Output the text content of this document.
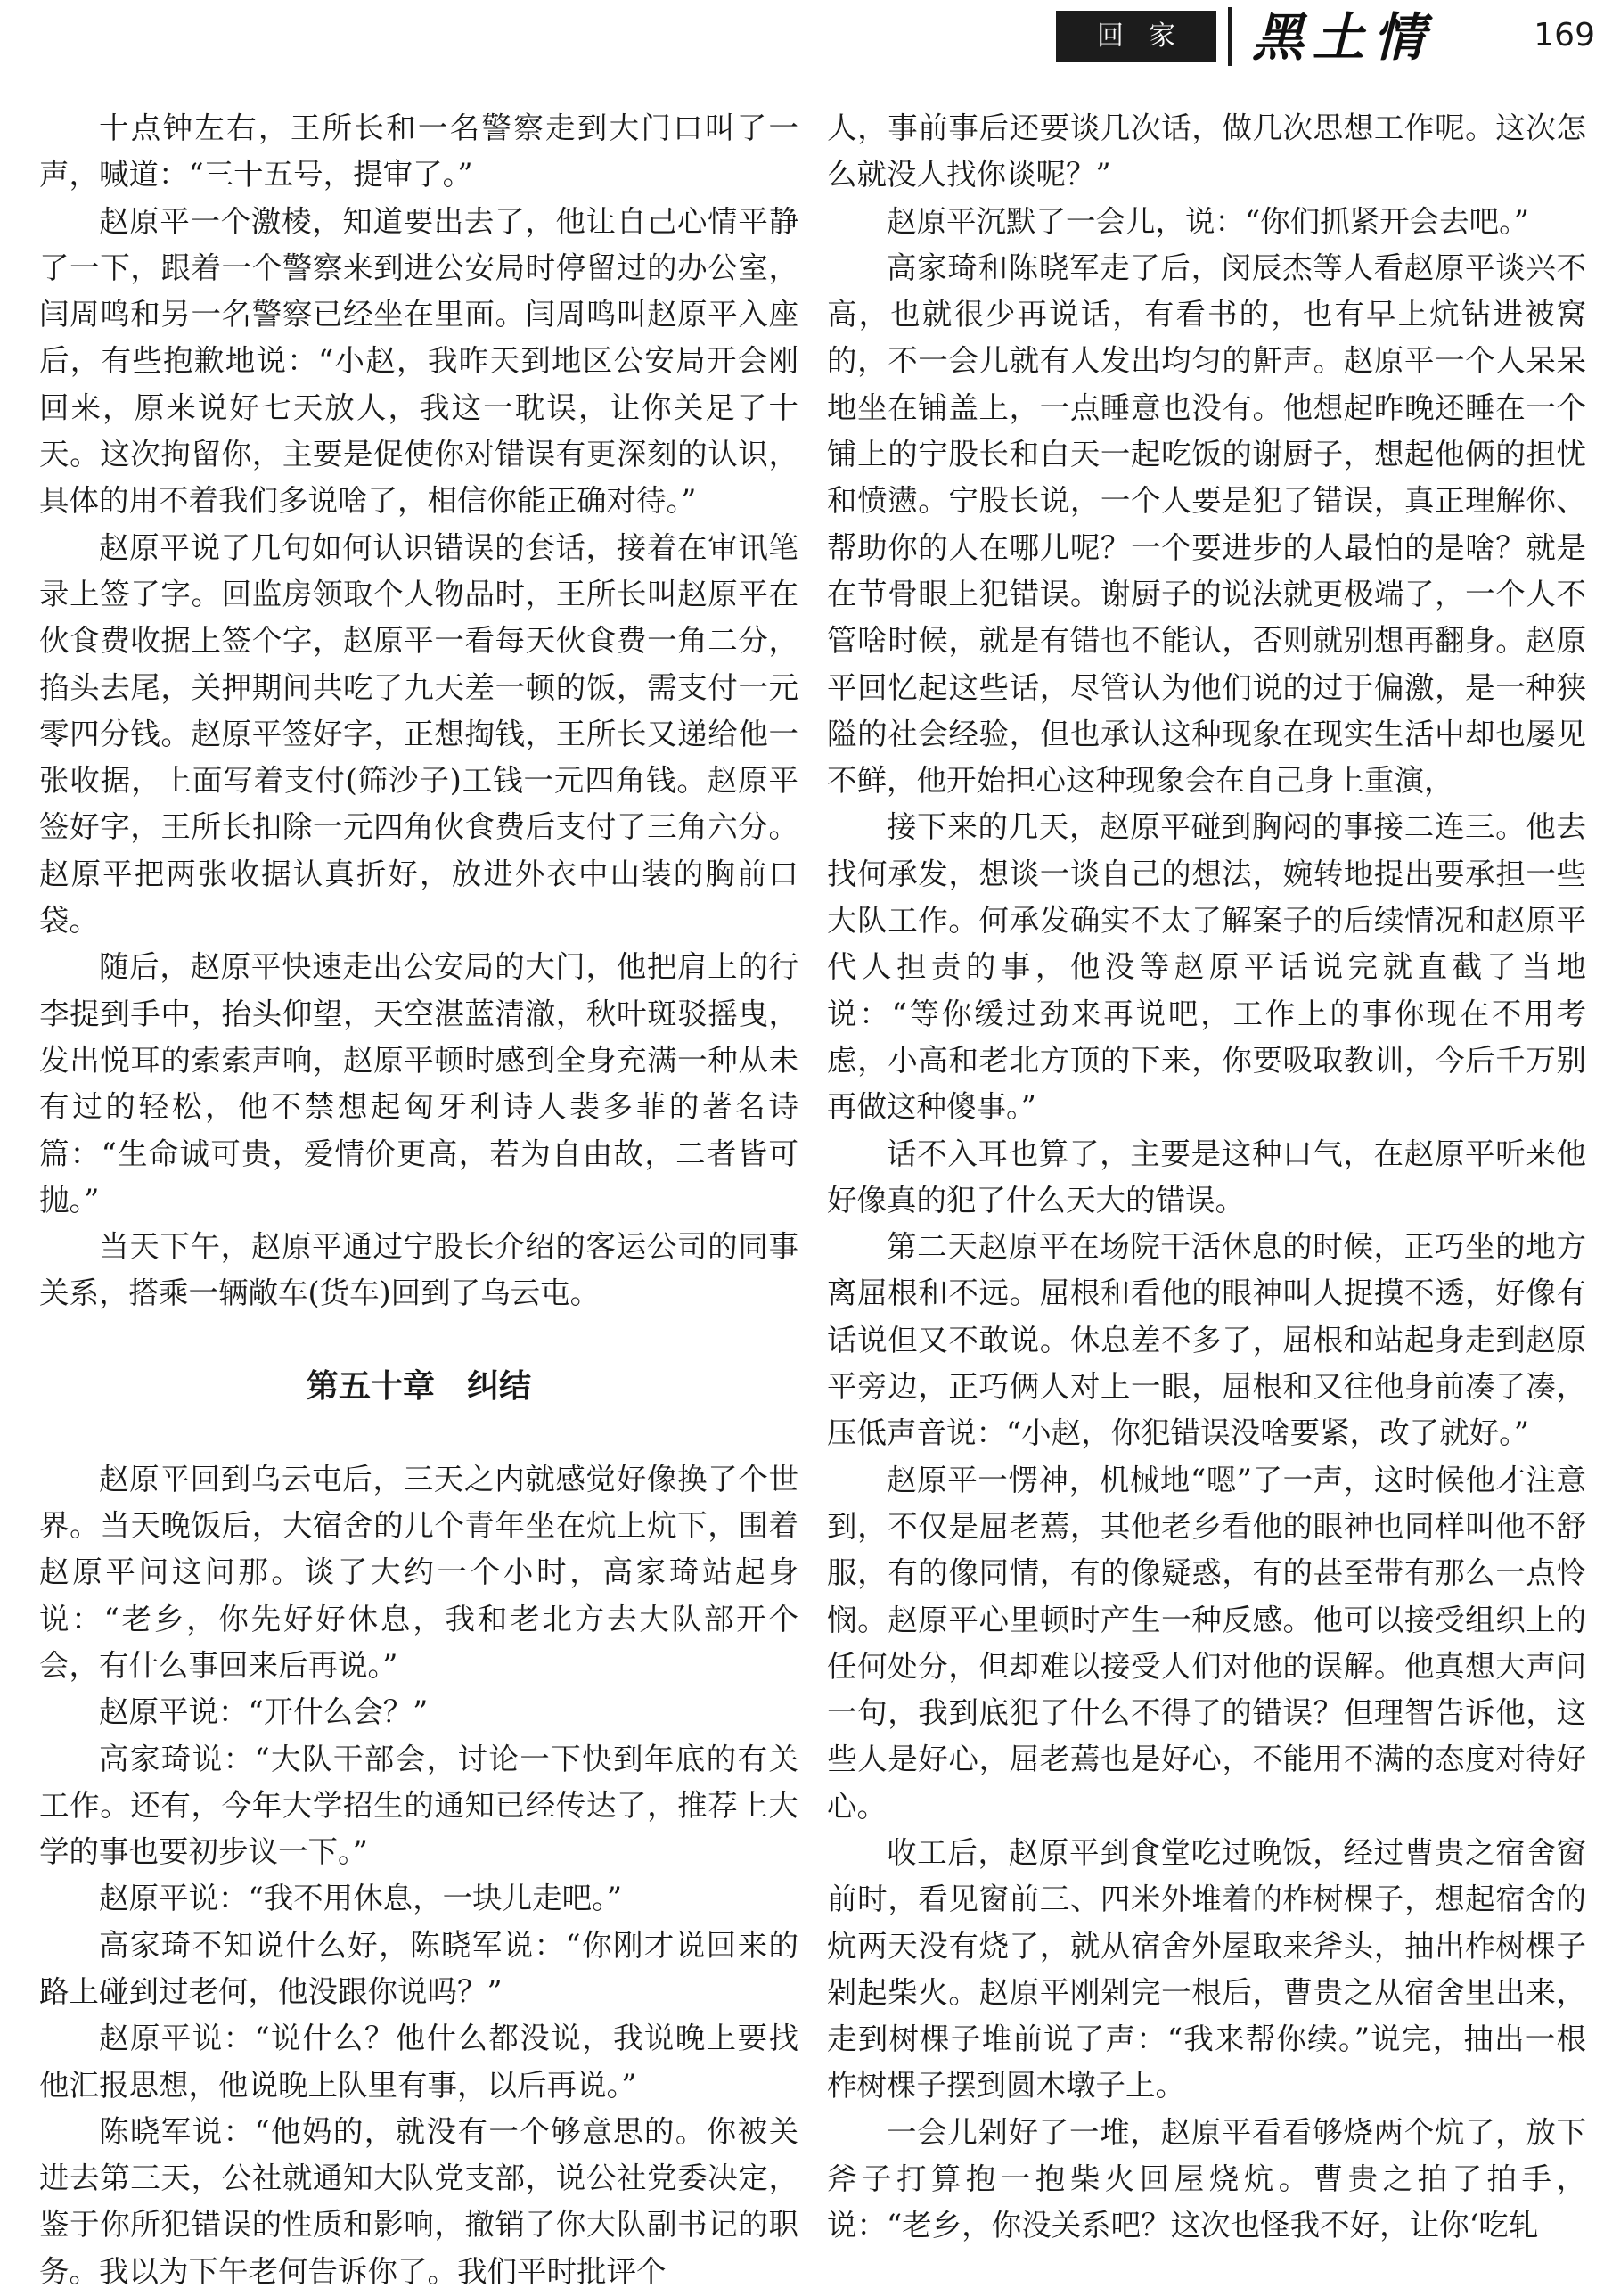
回家	黑土情	169

十点钟左右，王所长和一名警察走到大门口叫了一声，喊道：“三十五号，提审了。”

赵原平一个激棱，知道要出去了，他让自己心情平静了一下，跟着一个警察来到进公安局时停留过的办公室，闫周鸣和另一名警察已经坐在里面。闫周鸣叫赵原平入座后，有些抱歉地说：“小赵，我昨天到地区公安局开会刚回来，原来说好七天放人，我这一耽误，让你关足了十天。这次拘留你，主要是促使你对错误有更深刻的认识，具体的用不着我们多说啥了，相信你能正确对待。”

赵原平说了几句如何认识错误的套话，接着在审讯笔录上签了字。回监房领取个人物品时，王所长叫赵原平在伙食费收据上签个字，赵原平一看每天伙食费一角二分，掐头去尾，关押期间共吃了九天差一顿的饭，需支付一元零四分钱。赵原平签好字，正想掏钱，王所长又递给他一张收据，上面写着支付(筛沙子)工钱一元四角钱。赵原平签好字，王所长扣除一元四角伙食费后支付了三角六分。赵原平把两张收据认真折好，放进外衣中山装的胸前口袋。

随后，赵原平快速走出公安局的大门，他把肩上的行李提到手中，抬头仰望，天空湛蓝清澈，秋叶斑驳摇曳，发出悦耳的索索声响，赵原平顿时感到全身充满一种从未有过的轻松，他不禁想起匈牙利诗人裴多菲的著名诗篇：“生命诚可贵，爱情价更高，若为自由故，二者皆可抛。”

当天下午，赵原平通过宁股长介绍的客运公司的同事关系，搭乘一辆敞车(货车)回到了乌云屯。

第五十章　纠结

赵原平回到乌云屯后，三天之内就感觉好像换了个世界。当天晚饭后，大宿舍的几个青年坐在炕上炕下，围着赵原平问这问那。谈了大约一个小时，高家琦站起身说：“老乡，你先好好休息，我和老北方去大队部开个会，有什么事回来后再说。”

赵原平说：“开什么会？”

高家琦说：“大队干部会，讨论一下快到年底的有关工作。还有，今年大学招生的通知已经传达了，推荐上大学的事也要初步议一下。”

赵原平说：“我不用休息，一块儿走吧。”

高家琦不知说什么好，陈晓军说：“你刚才说回来的路上碰到过老何，他没跟你说吗？”

赵原平说：“说什么？他什么都没说，我说晚上要找他汇报思想，他说晚上队里有事，以后再说。”

陈晓军说：“他妈的，就没有一个够意思的。你被关进去第三天，公社就通知大队党支部，说公社党委决定，鉴于你所犯错误的性质和影响，撤销了你大队副书记的职务。我以为下午老何告诉你了。我们平时批评个

人，事前事后还要谈几次话，做几次思想工作呢。这次怎么就没人找你谈呢？”

赵原平沉默了一会儿，说：“你们抓紧开会去吧。”

高家琦和陈晓军走了后，闵辰杰等人看赵原平谈兴不高，也就很少再说话，有看书的，也有早上炕钻进被窝的，不一会儿就有人发出均匀的鼾声。赵原平一个人呆呆地坐在铺盖上，一点睡意也没有。他想起昨晚还睡在一个铺上的宁股长和白天一起吃饭的谢厨子，想起他俩的担忧和愤懑。宁股长说，一个人要是犯了错误，真正理解你、帮助你的人在哪儿呢？一个要进步的人最怕的是啥？就是在节骨眼上犯错误。谢厨子的说法就更极端了，一个人不管啥时候，就是有错也不能认，否则就别想再翻身。赵原平回忆起这些话，尽管认为他们说的过于偏激，是一种狭隘的社会经验，但也承认这种现象在现实生活中却也屡见不鲜，他开始担心这种现象会在自己身上重演，

接下来的几天，赵原平碰到胸闷的事接二连三。他去找何承发，想谈一谈自己的想法，婉转地提出要承担一些大队工作。何承发确实不太了解案子的后续情况和赵原平代人担责的事，他没等赵原平话说完就直截了当地说：“等你缓过劲来再说吧，工作上的事你现在不用考虑，小高和老北方顶的下来，你要吸取教训，今后千万别再做这种傻事。”

话不入耳也算了，主要是这种口气，在赵原平听来他好像真的犯了什么天大的错误。

第二天赵原平在场院干活休息的时候，正巧坐的地方离屈根和不远。屈根和看他的眼神叫人捉摸不透，好像有话说但又不敢说。休息差不多了，屈根和站起身走到赵原平旁边，正巧俩人对上一眼，屈根和又往他身前凑了凑，压低声音说：“小赵，你犯错误没啥要紧，改了就好。”

赵原平一愣神，机械地“嗯”了一声，这时候他才注意到，不仅是屈老蔫，其他老乡看他的眼神也同样叫他不舒服，有的像同情，有的像疑惑，有的甚至带有那么一点怜悯。赵原平心里顿时产生一种反感。他可以接受组织上的任何处分，但却难以接受人们对他的误解。他真想大声问一句，我到底犯了什么不得了的错误？但理智告诉他，这些人是好心，屈老蔫也是好心，不能用不满的态度对待好心。

收工后，赵原平到食堂吃过晚饭，经过曹贵之宿舍窗前时，看见窗前三、四米外堆着的柞树棵子，想起宿舍的炕两天没有烧了，就从宿舍外屋取来斧头，抽出柞树棵子剁起柴火。赵原平刚剁完一根后，曹贵之从宿舍里出来，走到树棵子堆前说了声：“我来帮你续。”说完，抽出一根柞树棵子摆到圆木墩子上。

一会儿剁好了一堆，赵原平看看够烧两个炕了，放下斧子打算抱一抱柴火回屋烧炕。曹贵之拍了拍手，说：“老乡，你没关系吧？这次也怪我不好，让你‘吃轧
